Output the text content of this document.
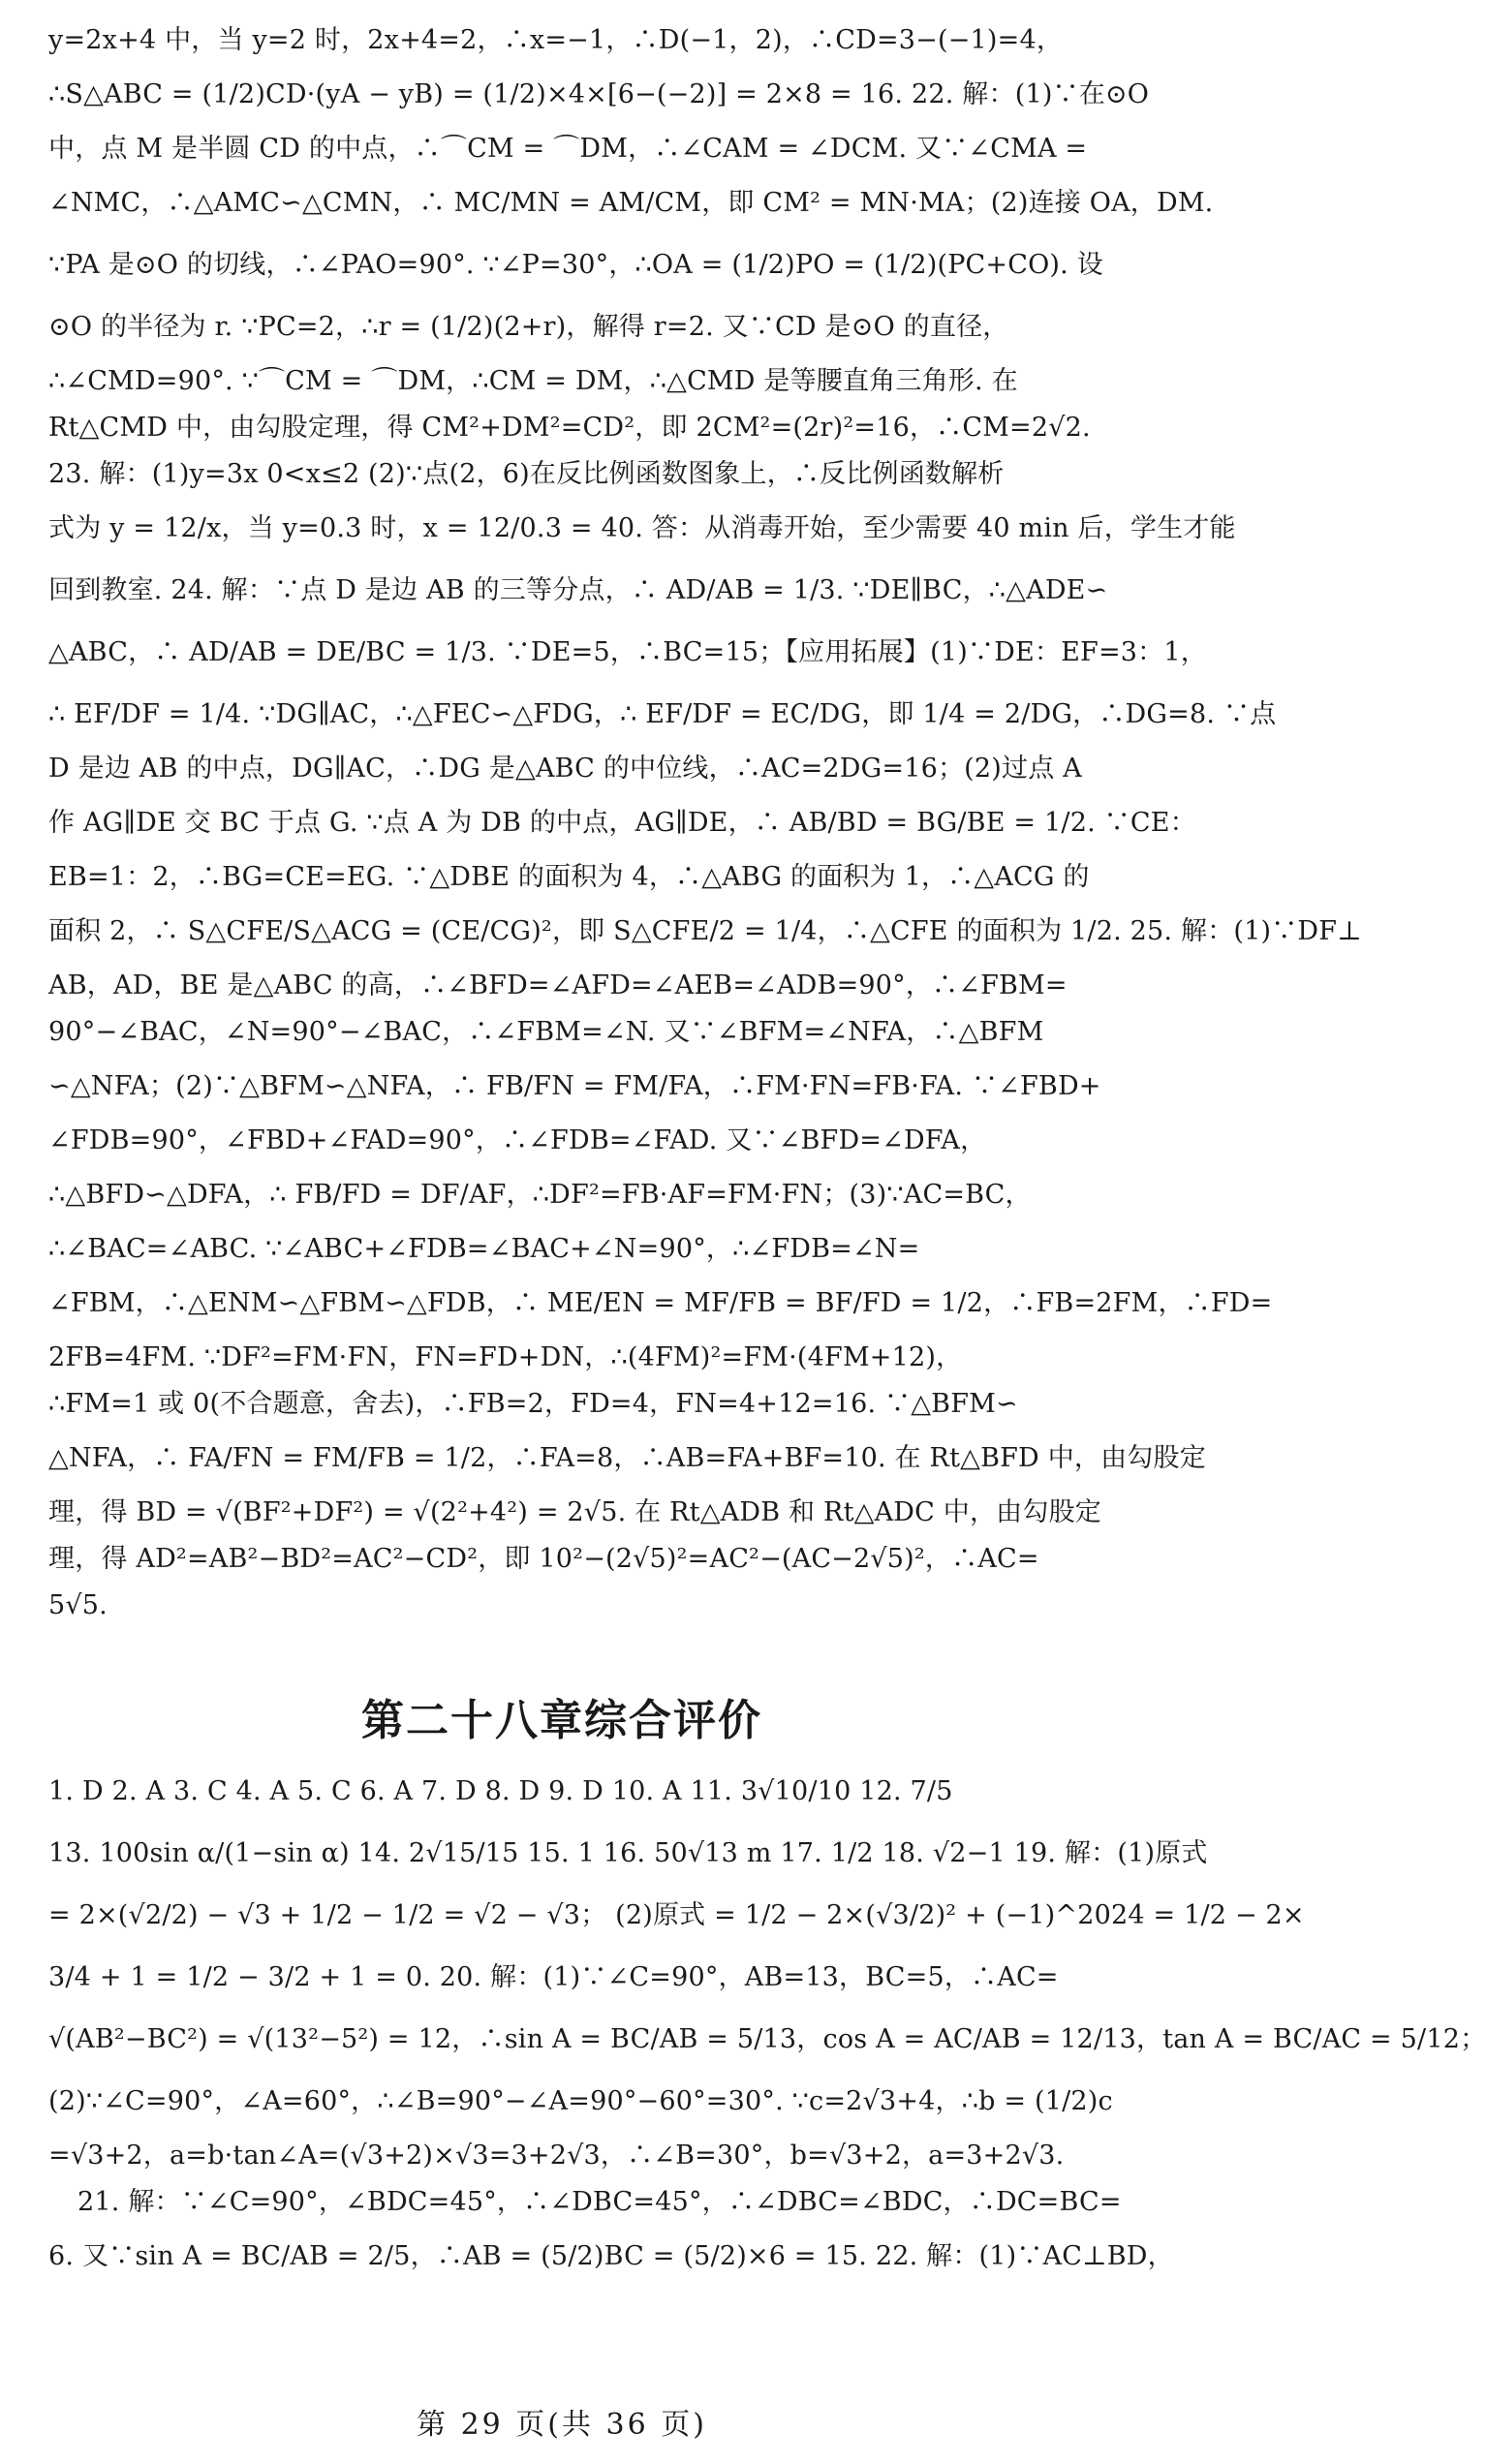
y=2x+4 中，当 y=2 时，2x+4=2，∴x=−1，∴D(−1，2)，∴CD=3−(−1)=4，
∴S△ABC = (1/2)CD·(yA − yB) = (1/2)×4×[6−(−2)] = 2×8 = 16. 22. 解：(1)∵在⊙O
中，点 M 是半圆 CD 的中点，∴⌒CM = ⌒DM，∴∠CAM = ∠DCM. 又∵∠CMA =
∠NMC，∴△AMC∽△CMN，∴ MC/MN = AM/CM，即 CM² = MN·MA；(2)连接 OA，DM.
∵PA 是⊙O 的切线，∴∠PAO=90°. ∵∠P=30°，∴OA = (1/2)PO = (1/2)(PC+CO). 设
⊙O 的半径为 r. ∵PC=2，∴r = (1/2)(2+r)，解得 r=2. 又∵CD 是⊙O 的直径，
∴∠CMD=90°. ∵⌒CM = ⌒DM，∴CM = DM，∴△CMD 是等腰直角三角形. 在
Rt△CMD 中，由勾股定理，得 CM²+DM²=CD²，即 2CM²=(2r)²=16，∴CM=2√2.
23. 解：(1)y=3x 0<x≤2 (2)∵点(2，6)在反比例函数图象上，∴反比例函数解析
式为 y = 12/x，当 y=0.3 时，x = 12/0.3 = 40. 答：从消毒开始，至少需要 40 min 后，学生才能
回到教室. 24. 解：∵点 D 是边 AB 的三等分点，∴ AD/AB = 1/3. ∵DE∥BC，∴△ADE∽
△ABC，∴ AD/AB = DE/BC = 1/3. ∵DE=5，∴BC=15；【应用拓展】(1)∵DE：EF=3：1，
∴ EF/DF = 1/4. ∵DG∥AC，∴△FEC∽△FDG，∴ EF/DF = EC/DG，即 1/4 = 2/DG，∴DG=8. ∵点
D 是边 AB 的中点，DG∥AC，∴DG 是△ABC 的中位线，∴AC=2DG=16；(2)过点 A
作 AG∥DE 交 BC 于点 G. ∵点 A 为 DB 的中点，AG∥DE，∴ AB/BD = BG/BE = 1/2. ∵CE：
EB=1：2，∴BG=CE=EG. ∵△DBE 的面积为 4，∴△ABG 的面积为 1，∴△ACG 的
面积 2，∴ S△CFE/S△ACG = (CE/CG)²，即 S△CFE/2 = 1/4，∴△CFE 的面积为 1/2. 25. 解：(1)∵DF⊥
AB，AD，BE 是△ABC 的高，∴∠BFD=∠AFD=∠AEB=∠ADB=90°，∴∠FBM=
90°−∠BAC，∠N=90°−∠BAC，∴∠FBM=∠N. 又∵∠BFM=∠NFA，∴△BFM
∽△NFA；(2)∵△BFM∽△NFA，∴ FB/FN = FM/FA，∴FM·FN=FB·FA. ∵∠FBD+
∠FDB=90°，∠FBD+∠FAD=90°，∴∠FDB=∠FAD. 又∵∠BFD=∠DFA，
∴△BFD∽△DFA，∴ FB/FD = DF/AF，∴DF²=FB·AF=FM·FN；(3)∵AC=BC，
∴∠BAC=∠ABC. ∵∠ABC+∠FDB=∠BAC+∠N=90°，∴∠FDB=∠N=
∠FBM，∴△ENM∽△FBM∽△FDB，∴ ME/EN = MF/FB = BF/FD = 1/2，∴FB=2FM，∴FD=
2FB=4FM. ∵DF²=FM·FN，FN=FD+DN，∴(4FM)²=FM·(4FM+12)，
∴FM=1 或 0(不合题意，舍去)，∴FB=2，FD=4，FN=4+12=16. ∵△BFM∽
△NFA，∴ FA/FN = FM/FB = 1/2，∴FA=8，∴AB=FA+BF=10. 在 Rt△BFD 中，由勾股定
理，得 BD = √(BF²+DF²) = √(2²+4²) = 2√5. 在 Rt△ADB 和 Rt△ADC 中，由勾股定
理，得 AD²=AB²−BD²=AC²−CD²，即 10²−(2√5)²=AC²−(AC−2√5)²，∴AC=
5√5.
第二十八章综合评价
1. D 2. A 3. C 4. A 5. C 6. A 7. D 8. D 9. D 10. A 11. 3√10/10 12. 7/5
13. 100sin α/(1−sin α) 14. 2√15/15 15. 1 16. 50√13 m 17. 1/2 18. √2−1 19. 解：(1)原式
= 2×(√2/2) − √3 + 1/2 − 1/2 = √2 − √3； (2)原式 = 1/2 − 2×(√3/2)² + (−1)^2024 = 1/2 − 2×
3/4 + 1 = 1/2 − 3/2 + 1 = 0. 20. 解：(1)∵∠C=90°，AB=13，BC=5，∴AC=
√(AB²−BC²) = √(13²−5²) = 12，∴sin A = BC/AB = 5/13，cos A = AC/AB = 12/13，tan A = BC/AC = 5/12；
(2)∵∠C=90°，∠A=60°，∴∠B=90°−∠A=90°−60°=30°. ∵c=2√3+4，∴b = (1/2)c
=√3+2，a=b·tan∠A=(√3+2)×√3=3+2√3，∴∠B=30°，b=√3+2，a=3+2√3.
21. 解：∵∠C=90°，∠BDC=45°，∴∠DBC=45°，∴∠DBC=∠BDC，∴DC=BC=
6. 又∵sin A = BC/AB = 2/5，∴AB = (5/2)BC = (5/2)×6 = 15. 22. 解：(1)∵AC⊥BD，
第 29 页(共 36 页)
